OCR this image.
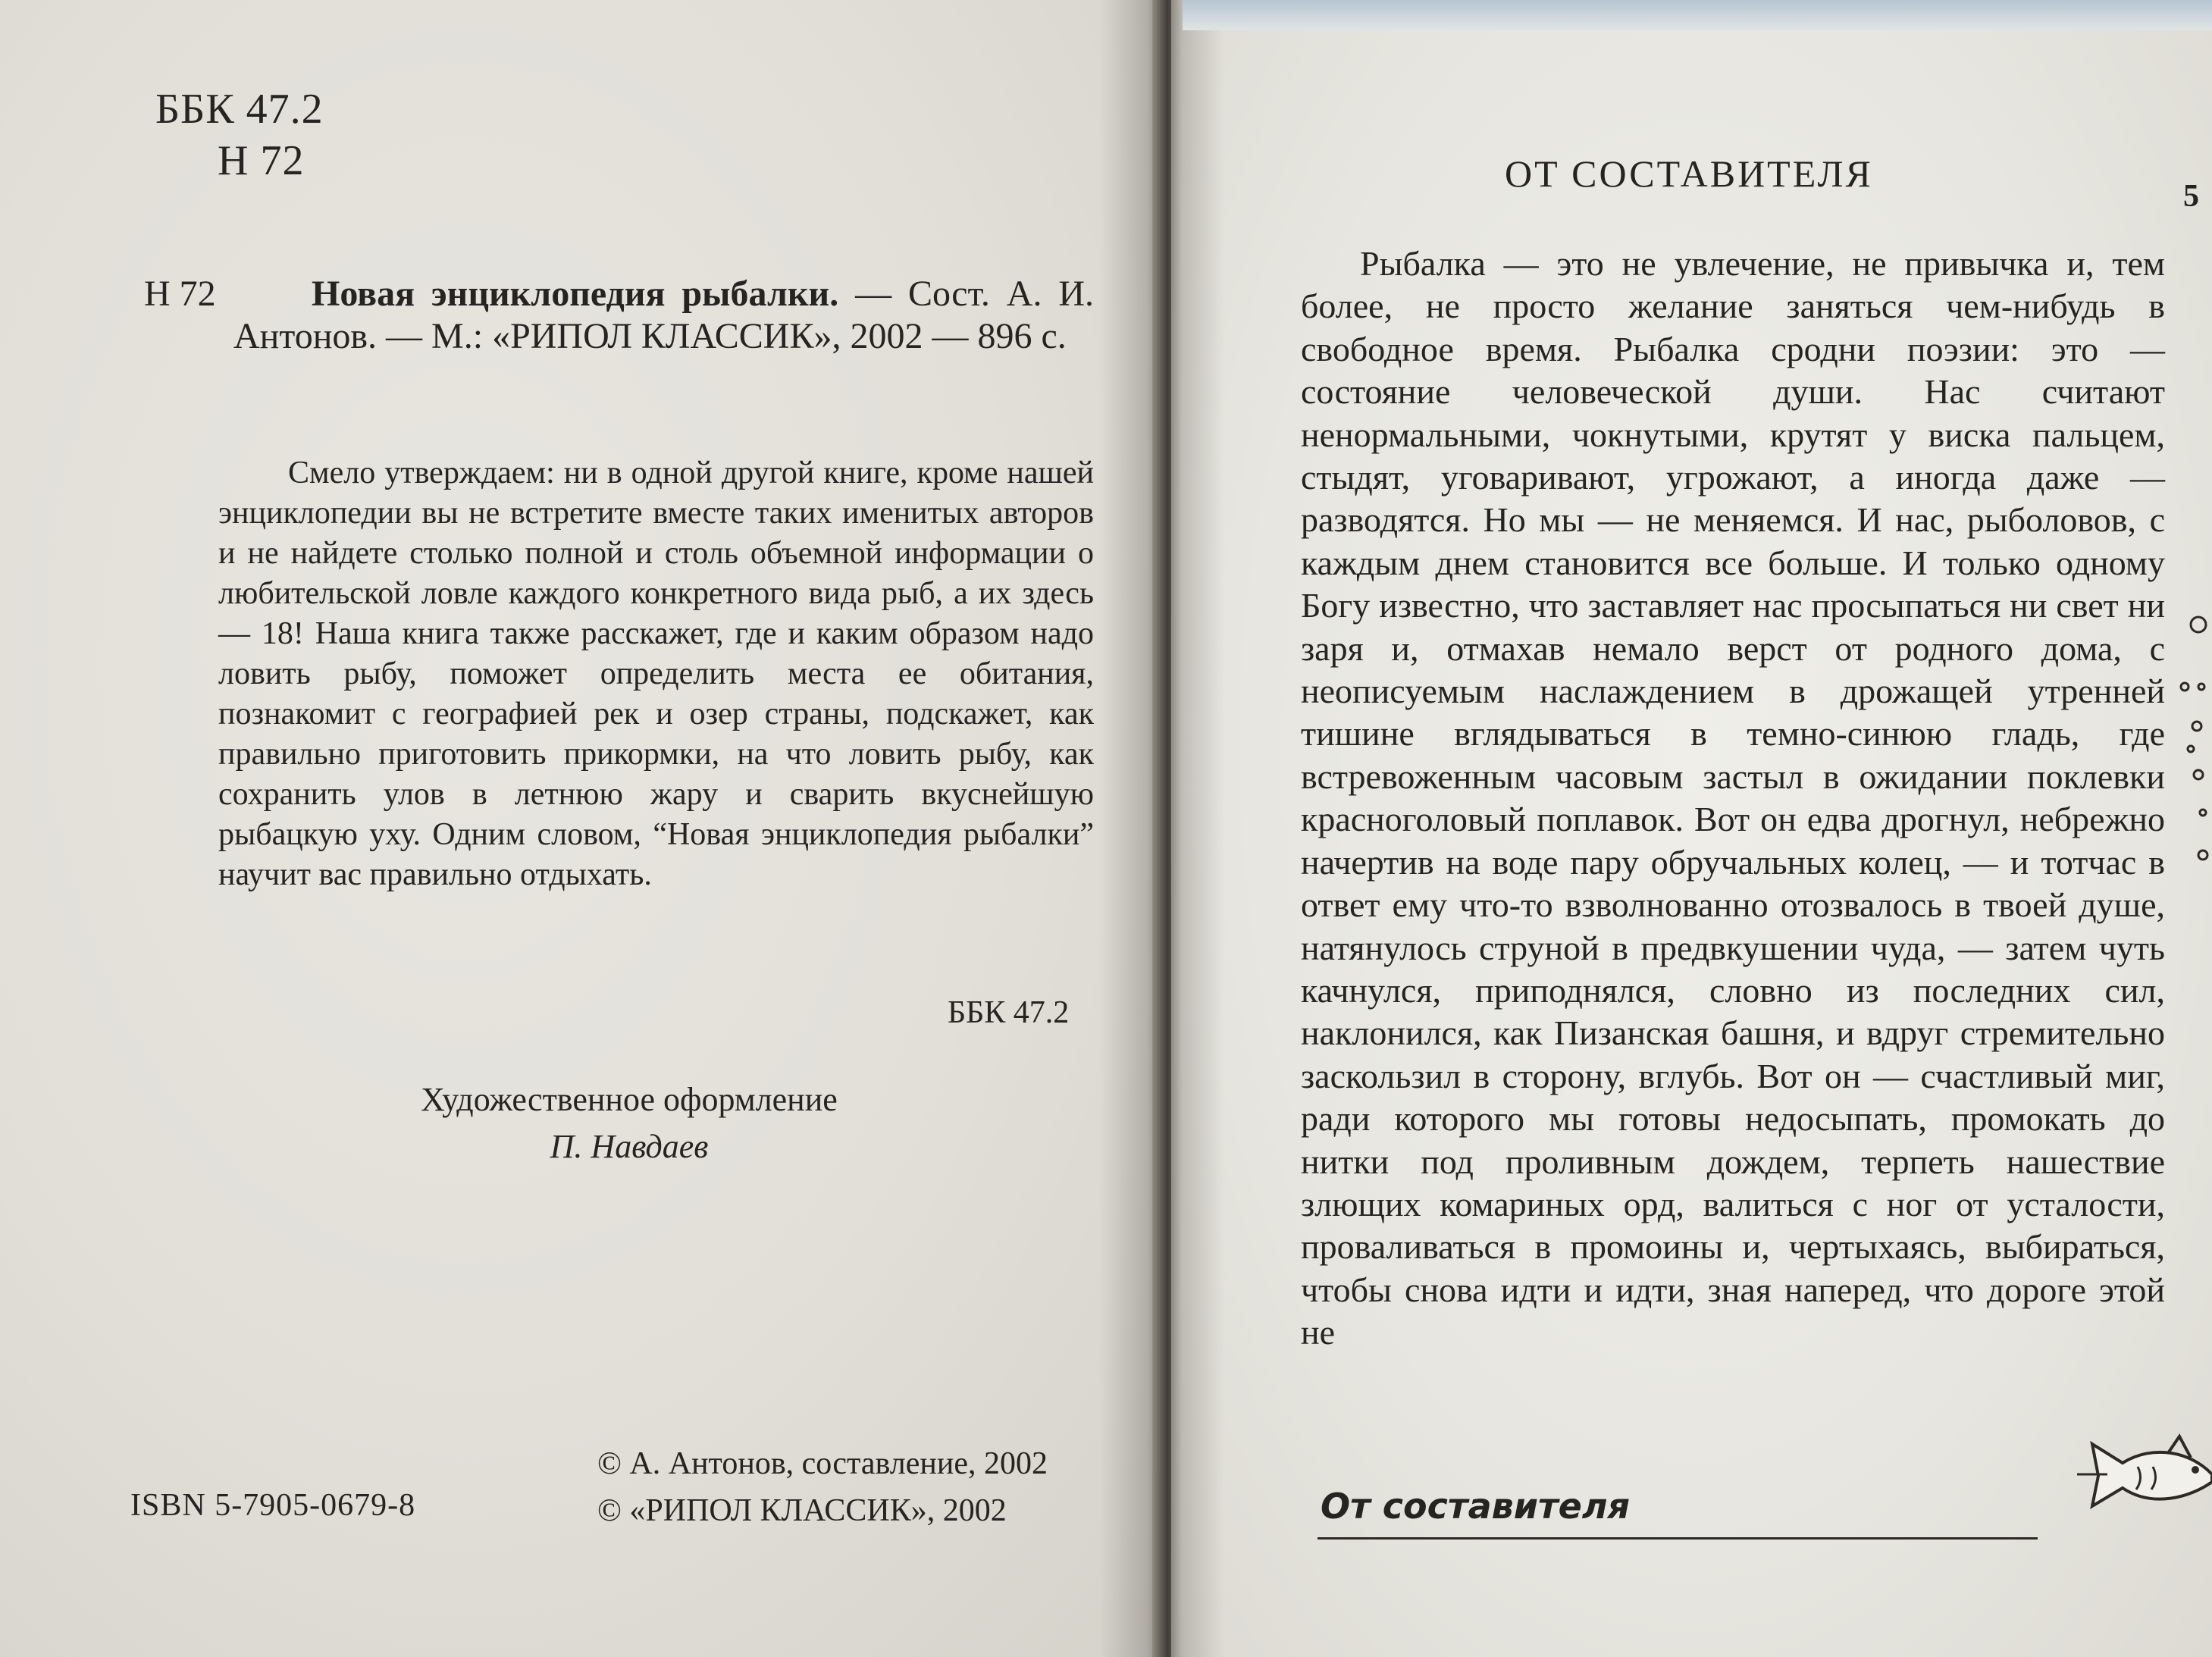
ББК 47.2
Н 72
Н 72	Новая энциклопедия рыбалки. — Сост. А. И. Антонов. — М.: «РИПОЛ КЛАССИК», 2002 — 896 с.
Смело утверждаем: ни в одной другой книге, кроме нашей энциклопедии вы не встретите вместе таких именитых авторов и не найдете столько полной и столь объемной информации о любительской ловле каждого конкретного вида рыб, а их здесь — 18! Наша книга также расскажет, где и каким образом надо ловить рыбу, поможет определить места ее обитания, познакомит с географией рек и озер страны, подскажет, как правильно приготовить прикормки, на что ловить рыбу, как сохранить улов в летнюю жару и сварить вкуснейшую рыбацкую уху. Одним словом, “Новая энциклопедия рыбалки” научит вас правильно отдыхать.
ББК 47.2
Художественное оформление
П. Навдаев
© А. Антонов, составление, 2002
© «РИПОЛ КЛАССИК», 2002
ISBN 5-7905-0679-8
ОТ СОСТАВИТЕЛЯ
5
Рыбалка — это не увлечение, не привычка и, тем более, не просто желание заняться чем-нибудь в свободное время. Рыбалка сродни поэзии: это — состояние человеческой души. Нас считают ненормальными, чокнутыми, крутят у виска пальцем, стыдят, уговаривают, угрожают, а иногда даже — разводятся. Но мы — не меняемся. И нас, рыболовов, с каждым днем становится все больше. И только одному Богу известно, что заставляет нас просыпаться ни свет ни заря и, отмахав немало верст от родного дома, с неописуемым наслаждением в дрожащей утренней тишине вглядываться в темно-синюю гладь, где встревоженным часовым застыл в ожидании поклевки красноголовый поплавок. Вот он едва дрогнул, небрежно начертив на воде пару обручальных колец, — и тотчас в ответ ему что-то взволнованно отозвалось в твоей душе, натянулось струной в предвкушении чуда, — затем чуть качнулся, приподнялся, словно из последних сил, наклонился, как Пизанская башня, и вдруг стремительно заскользил в сторону, вглубь. Вот он — счастливый миг, ради которого мы готовы недосыпать, промокать до нитки под проливным дождем, терпеть нашествие злющих комариных орд, валиться с ног от усталости, проваливаться в промоины и, чертыхаясь, выбираться, чтобы снова идти и идти, зная наперед, что дороге этой не
От составителя
